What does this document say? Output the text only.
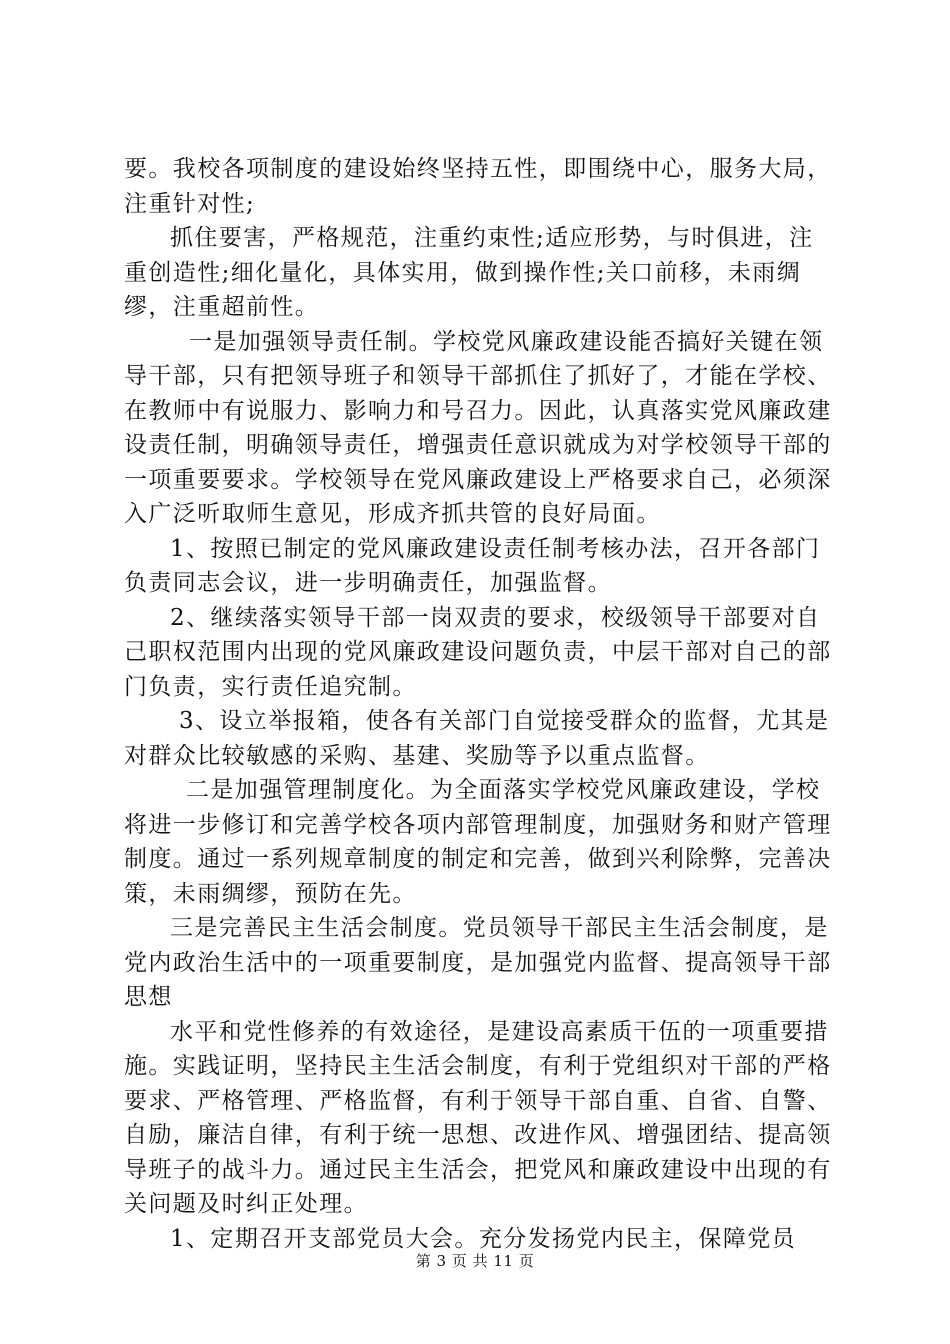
要。我校各项制度的建设始终坚持五性，即围绕中心，服务大局，注重针对性;

抓住要害，严格规范，注重约束性;适应形势，与时俱进，注重创造性;细化量化，具体实用，做到操作性;关口前移，未雨绸缪，注重超前性。

一是加强领导责任制。学校党风廉政建设能否搞好关键在领导干部，只有把领导班子和领导干部抓住了抓好了，才能在学校、在教师中有说服力、影响力和号召力。因此，认真落实党风廉政建设责任制，明确领导责任，增强责任意识就成为对学校领导干部的一项重要要求。学校领导在党风廉政建设上严格要求自己，必须深入广泛听取师生意见，形成齐抓共管的良好局面。

1、按照已制定的党风廉政建设责任制考核办法，召开各部门负责同志会议，进一步明确责任，加强监督。

2、继续落实领导干部一岗双责的要求，校级领导干部要对自己职权范围内出现的党风廉政建设问题负责，中层干部对自己的部门负责，实行责任追究制。

3、设立举报箱，使各有关部门自觉接受群众的监督，尤其是对群众比较敏感的采购、基建、奖励等予以重点监督。

二是加强管理制度化。为全面落实学校党风廉政建设，学校将进一步修订和完善学校各项内部管理制度，加强财务和财产管理制度。通过一系列规章制度的制定和完善，做到兴利除弊，完善决策，未雨绸缪，预防在先。

三是完善民主生活会制度。党员领导干部民主生活会制度，是党内政治生活中的一项重要制度，是加强党内监督、提高领导干部思想

水平和党性修养的有效途径，是建设高素质干伍的一项重要措施。实践证明，坚持民主生活会制度，有利于党组织对干部的严格要求、严格管理、严格监督，有利于领导干部自重、自省、自警、自励，廉洁自律，有利于统一思想、改进作风、增强团结、提高领导班子的战斗力。通过民主生活会，把党风和廉政建设中出现的有关问题及时纠正处理。

1、定期召开支部党员大会。充分发扬党内民主，保障党员

第 3 页 共 11 页
